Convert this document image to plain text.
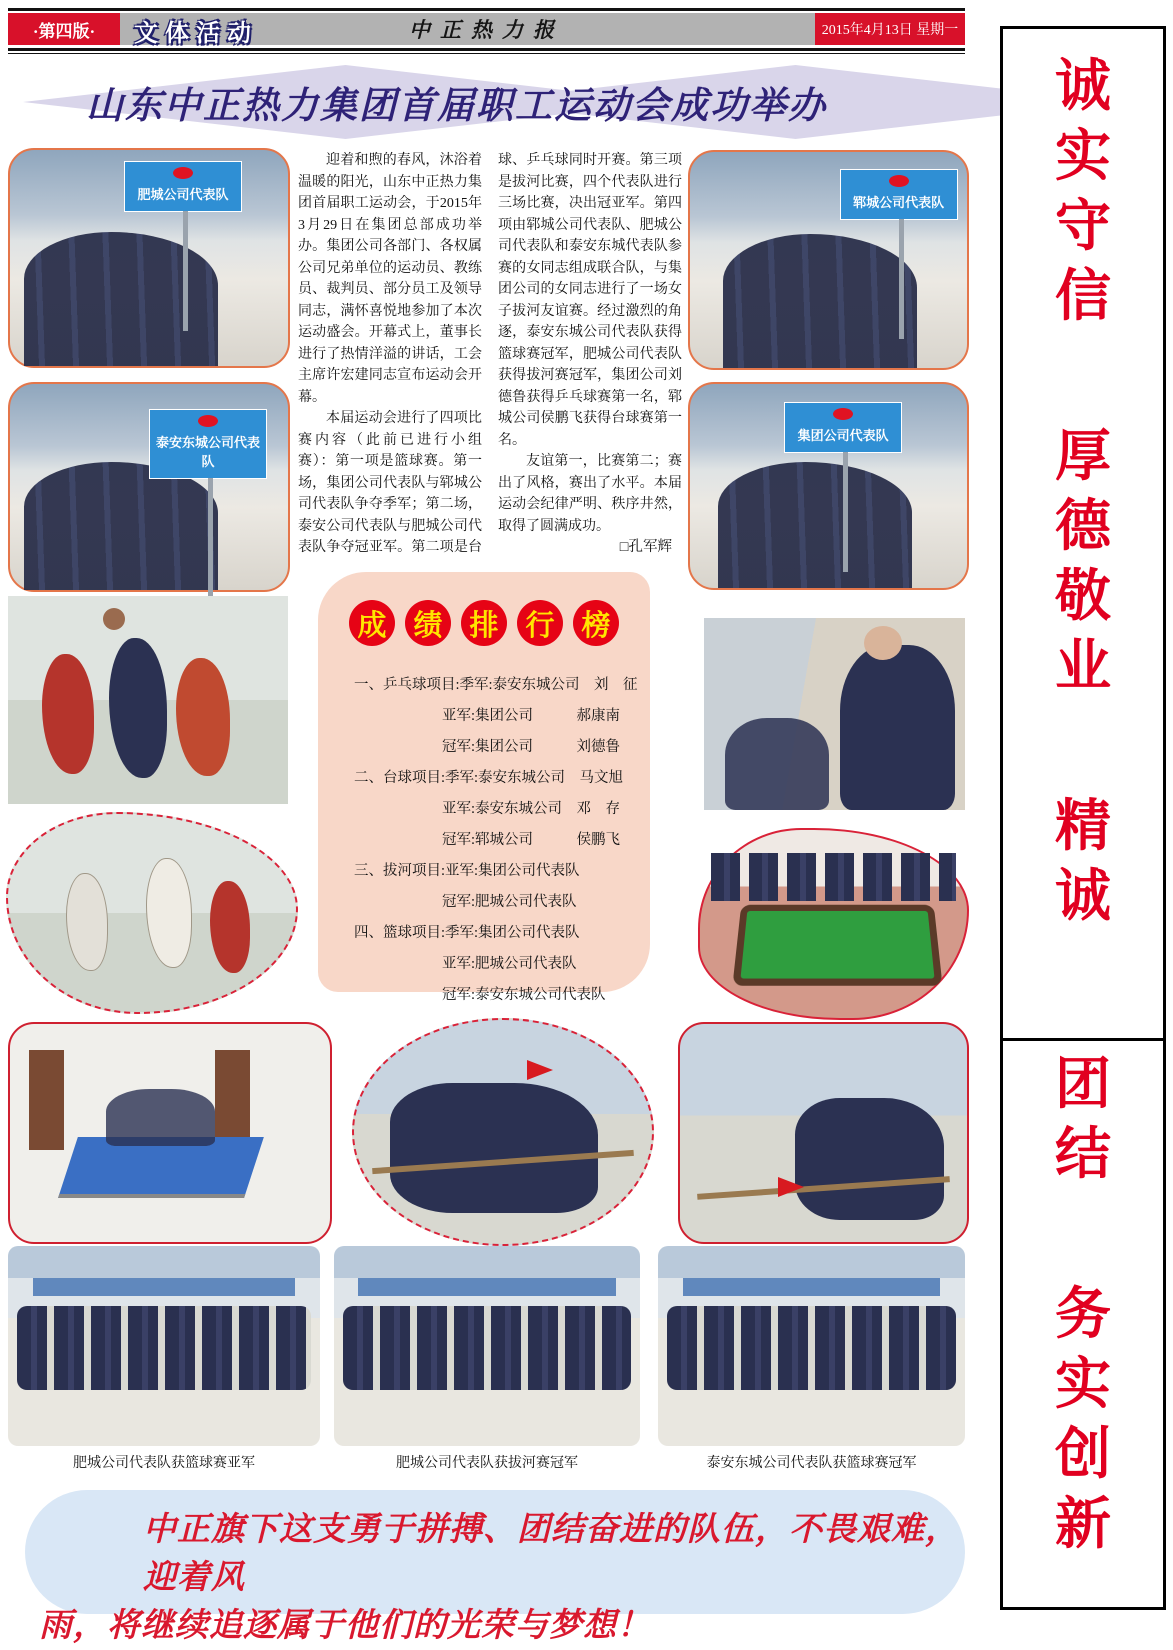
·第四版·	文体活动	中正热力报	2015年4月13日 星期一
山东中正热力集团首届职工运动会成功举办
肥城公司代表队
泰安东城公司代表队
郓城公司代表队
集团公司代表队

迎着和煦的春风，沐浴着温暖的阳光，山东中正热力集团首届职工运动会，于2015年3月29日在集团总部成功举办。集团公司各部门、各权属公司兄弟单位的运动员、教练员、裁判员、部分员工及领导同志，满怀喜悦地参加了本次运动盛会。开幕式上，董事长进行了热情洋溢的讲话，工会主席许宏建同志宣布运动会开幕。

本届运动会进行了四项比赛内容（此前已进行小组赛）：第一项是篮球赛。第一场，集团公司代表队与郓城公司代表队争夺季军；第二场，泰安公司代表队与肥城公司代表队争夺冠亚军。第二项是台球、乒乓球同时开赛。第三项是拔河比赛，四个代表队进行三场比赛，决出冠亚军。第四项由郓城公司代表队、肥城公司代表队和泰安东城代表队参赛的女同志组成联合队，与集团公司的女同志进行了一场女子拔河友谊赛。经过激烈的角逐，泰安东城公司代表队获得篮球赛冠军，肥城公司代表队获得拔河赛冠军，集团公司刘德鲁获得乒乓球赛第一名，郓城公司侯鹏飞获得台球赛第一名。

友谊第一，比赛第二；赛出了风格，赛出了水平。本届运动会纪律严明、秩序井然，取得了圆满成功。

□孔军辉
成 绩 排 行 榜
一、乒乓球项目:季军:泰安东城公司　刘　征
亚军:集团公司　　　郝康南
冠军:集团公司　　　刘德鲁
二、台球项目:季军:泰安东城公司　马文旭
亚军:泰安东城公司　邓　存
冠军:郓城公司　　　侯鹏飞
三、拔河项目:亚军:集团公司代表队
冠军:肥城公司代表队
四、篮球项目:季军:集团公司代表队
亚军:肥城公司代表队
冠军:泰安东城公司代表队
肥城公司代表队获篮球赛亚军	肥城公司代表队获拔河赛冠军	泰安东城公司代表队获篮球赛冠军
中正旗下这支勇于拼搏、团结奋进的队伍，不畏艰难，迎着风
雨，将继续追逐属于他们的光荣与梦想！
诚
实
守
信
厚
德
敬
业
精
诚
团
结
务
实
创
新
